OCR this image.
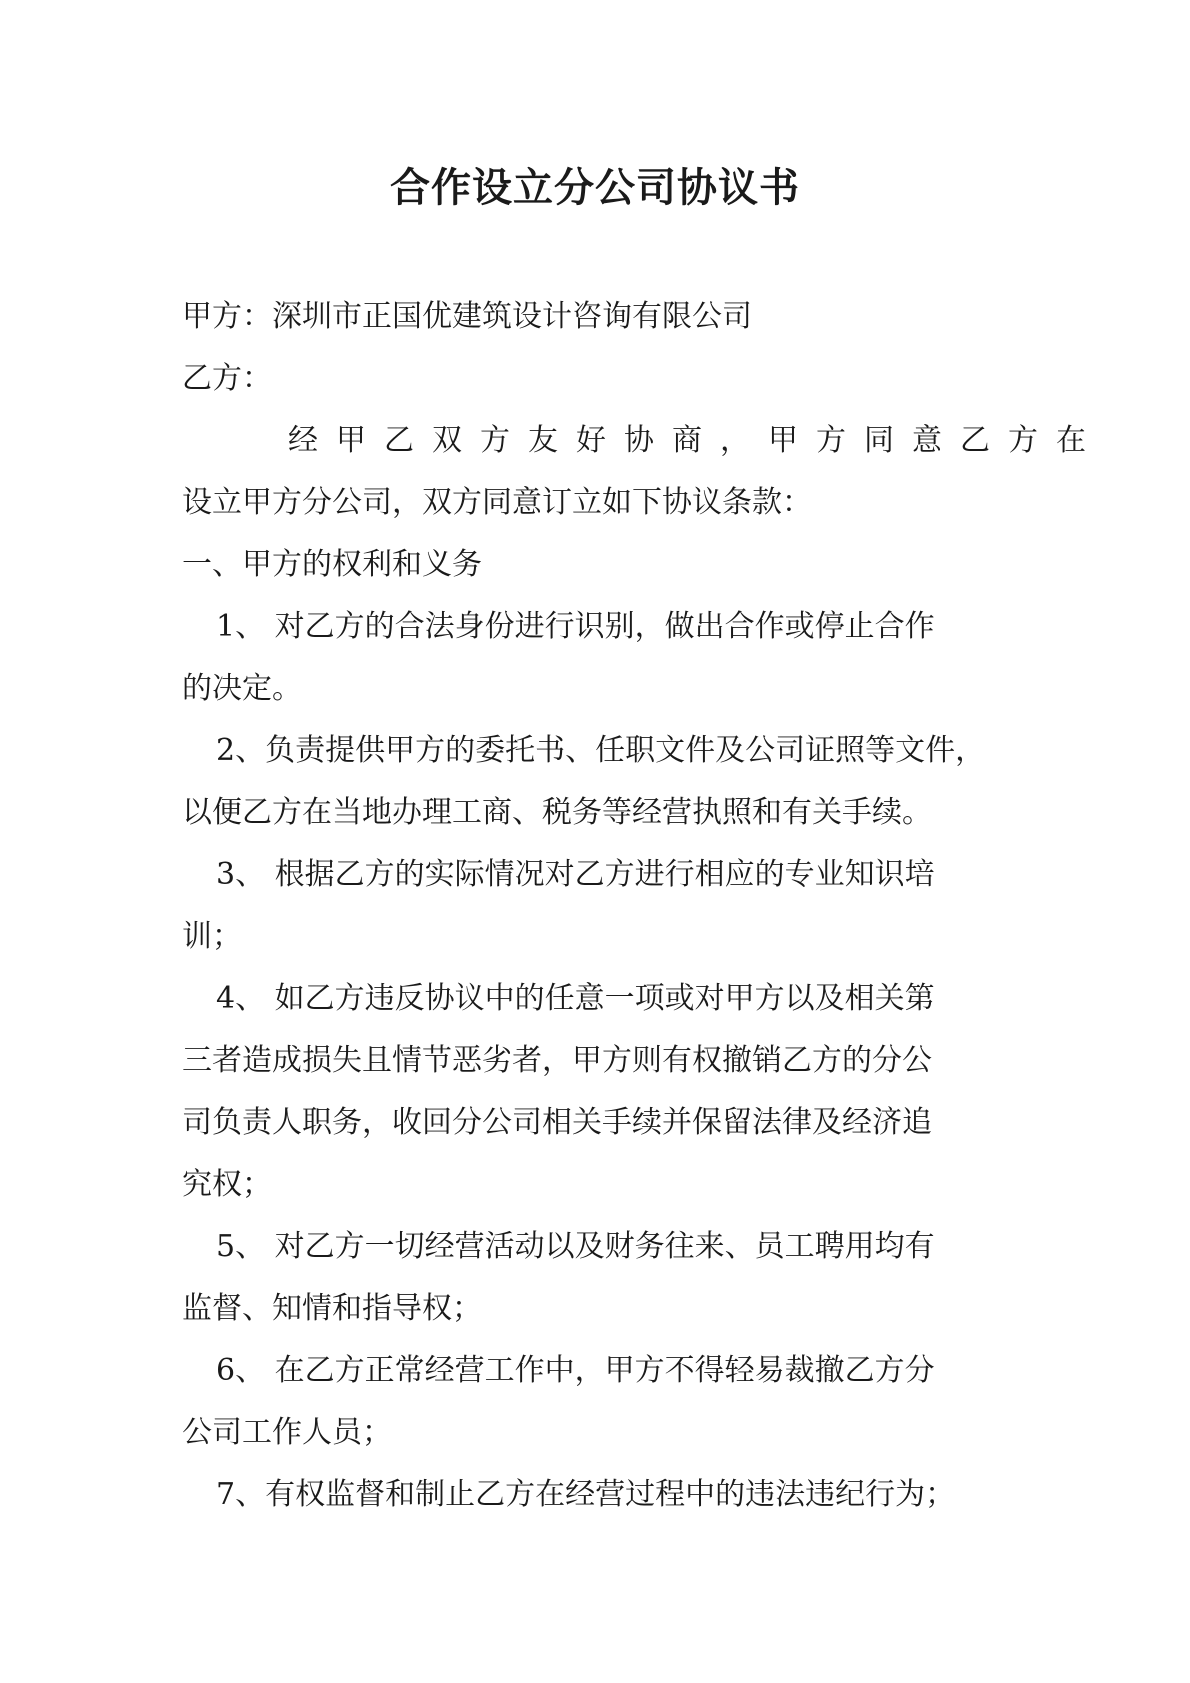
合作设立分公司协议书
甲方：深圳市正国优建筑设计咨询有限公司
乙方：
经甲乙双方友好协商，甲方同意乙方在
设立甲方分公司，双方同意订立如下协议条款：
一、甲方的权利和义务
1、 对乙方的合法身份进行识别，做出合作或停止合作
的决定。
2、负责提供甲方的委托书、任职文件及公司证照等文件，
以便乙方在当地办理工商、税务等经营执照和有关手续。
3、 根据乙方的实际情况对乙方进行相应的专业知识培
训；
4、 如乙方违反协议中的任意一项或对甲方以及相关第
三者造成损失且情节恶劣者，甲方则有权撤销乙方的分公
司负责人职务，收回分公司相关手续并保留法律及经济追
究权；
5、 对乙方一切经营活动以及财务往来、员工聘用均有
监督、知情和指导权；
6、 在乙方正常经营工作中，甲方不得轻易裁撤乙方分
公司工作人员；
7、有权监督和制止乙方在经营过程中的违法违纪行为；
